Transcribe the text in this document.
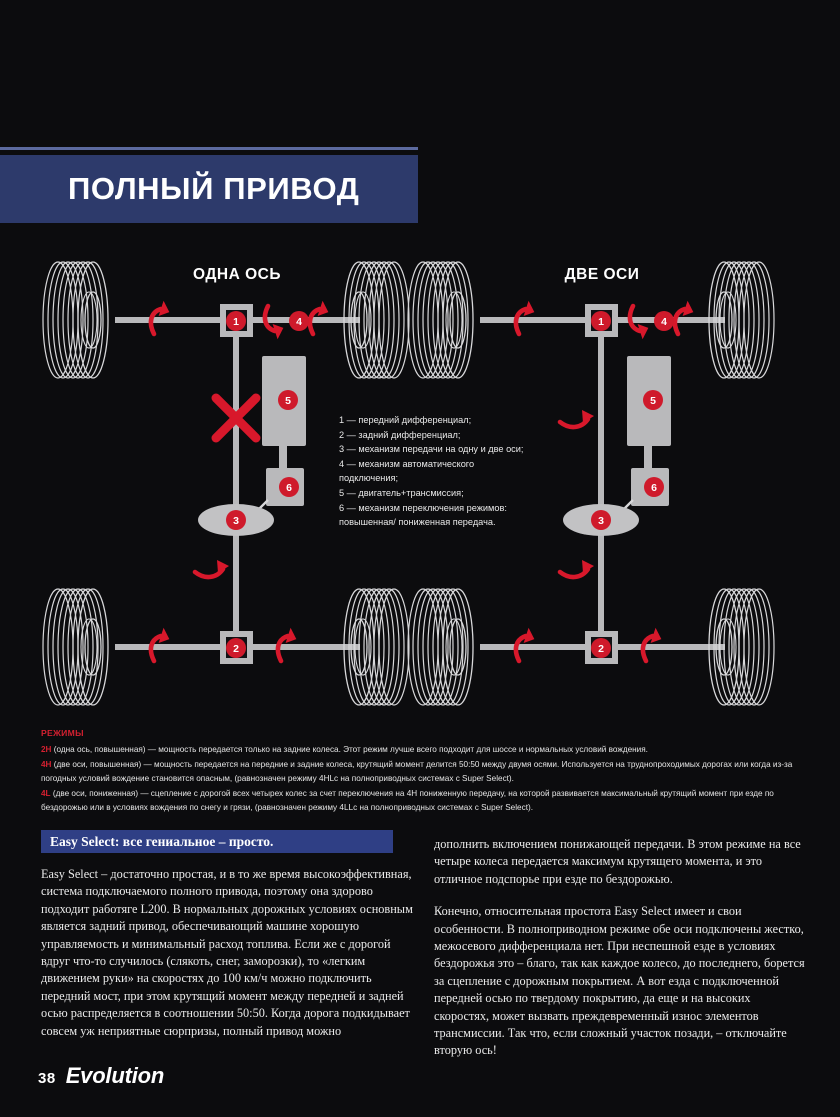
ПОЛНЫЙ ПРИВОД
ОДНА ОСЬ
1	4
5
6
3
2
ДВЕ ОСИ
1	4
5
6
3
2
1 — передний дифференциал;
2 — задний дифференциал;
3 — механизм передачи на одну и две оси;
4 — механизм автоматического
подключения;
5 — двигатель+трансмиссия;
6 — механизм переключения режимов:
повышенная/ пониженная передача.
РЕЖИМЫ

2H (одна ось, повышенная) — мощность передается только на задние колеса. Этот режим лучше всего подходит для шоссе и нормальных условий вождения.

4H (две оси, повышенная) — мощность передается на передние и задние колеса, крутящий момент делится 50:50 между двумя осями. Используется на труднопроходимых дорогах или когда из-за погодных условий вождение становится опасным, (равнозначен режиму 4HLc на полноприводных системах с Super Select).

4L (две оси, пониженная) — сцепление с дорогой всех четырех колес за счет переключения на 4Н пониженную передачу, на которой развивается максимальный крутящий момент при езде по бездорожью или в условиях вождения по снегу и грязи, (равнозначен режиму 4LLc на полноприводных системах с Super Select).

Easy Select: все гениальное – просто.

Easy Select – достаточно простая, и в то же время высокоэффективная, система подключаемого полного привода, поэтому она здорово подходит работяге L200. В нормальных дорожных условиях основным является задний привод, обеспечивающий машине хорошую управляемость и минимальный расход топлива. Если же с дорогой вдруг что-то случилось (слякоть, снег, заморозки), то «легким движением руки» на скоростях до 100 км/ч можно подключить передний мост, при этом крутящий момент между передней и задней осью распределяется в соотношении 50:50. Когда дорога подкидывает совсем уж неприятные сюрпризы, полный привод можно

дополнить включением понижающей передачи. В этом режиме на все четыре колеса передается максимум крутящего момента, и это отличное подспорье при езде по бездорожью.

Конечно, относительная простота Easy Select имеет и свои особенности. В полноприводном режиме обе оси подключены жестко, межосевого дифференциала нет. При неспешной езде в условиях бездорожья это – благо, так как каждое колесо, до последнего, борется за сцепление с дорожным покрытием. А вот езда с подключенной передней осью по твердому покрытию, да еще и на высоких скоростях, может вызвать преждевременный износ элементов трансмиссии. Так что, если сложный участок позади, – отключайте вторую ось!

38 Evolution
